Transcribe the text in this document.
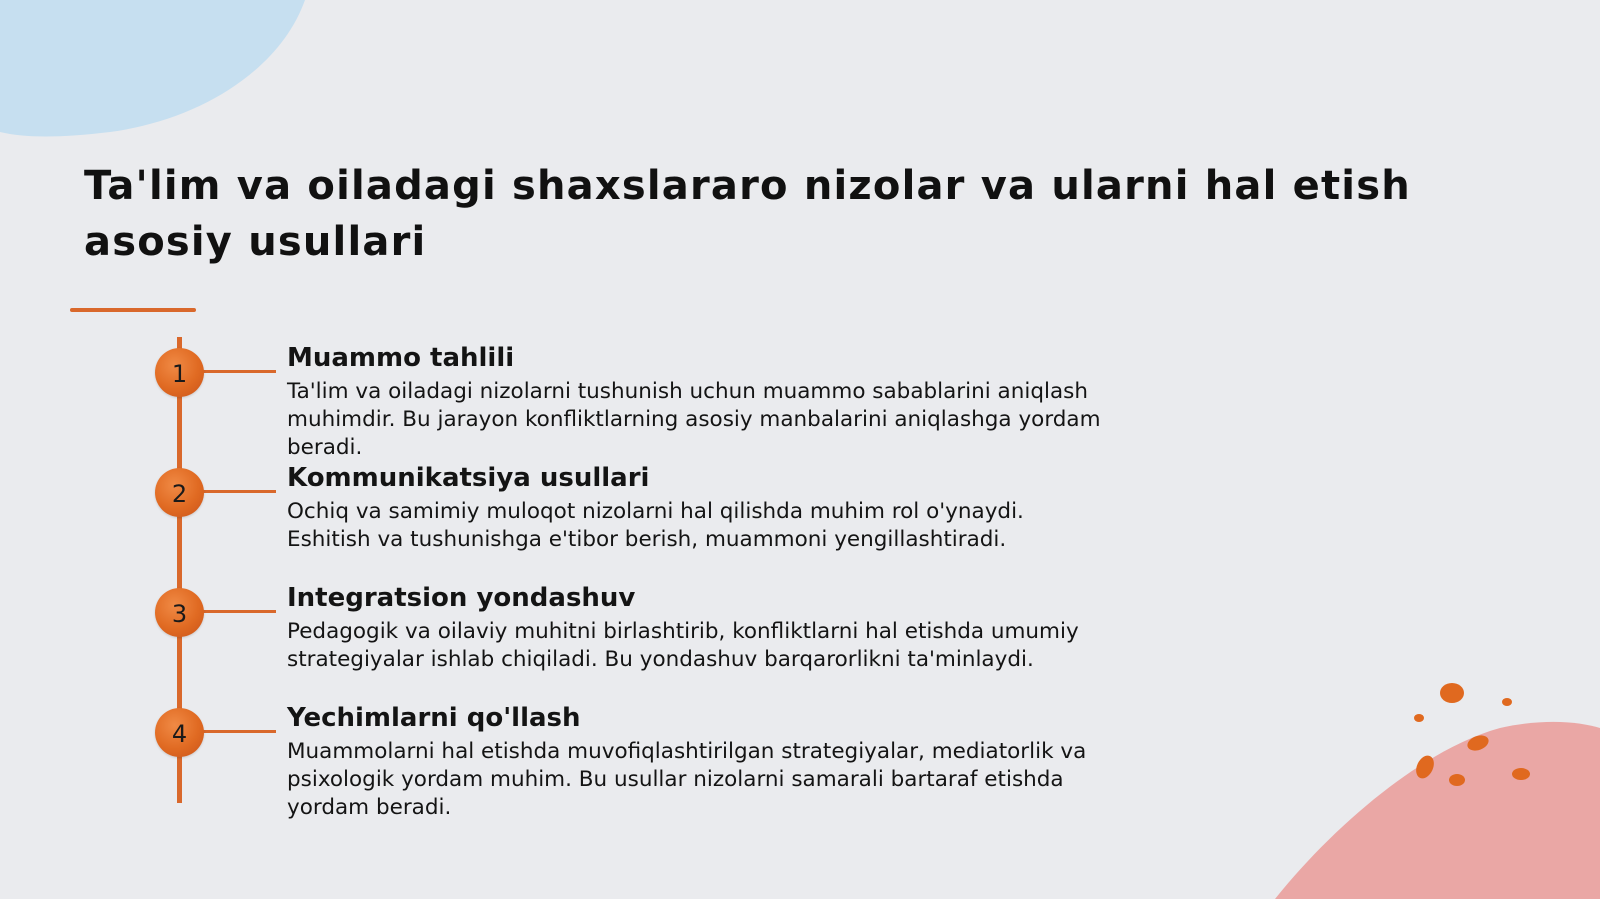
Ta'lim va oiladagi shaxslararo nizolar va ularni hal etish asosiy usullari
1
Muammo tahlili

Ta'lim va oiladagi nizolarni tushunish uchun muammo sabablarini aniqlash muhimdir. Bu jarayon konfliktlarning asosiy manbalarini aniqlashga yordam beradi.

2
Kommunikatsiya usullari

Ochiq va samimiy muloqot nizolarni hal qilishda muhim rol o'ynaydi. Eshitish va tushunishga e'tibor berish, muammoni yengillashtiradi.

3
Integratsion yondashuv

Pedagogik va oilaviy muhitni birlashtirib, konfliktlarni hal etishda umumiy strategiyalar ishlab chiqiladi. Bu yondashuv barqarorlikni ta'minlaydi.

4
Yechimlarni qo'llash

Muammolarni hal etishda muvofiqlashtirilgan strategiyalar, mediatorlik va psixologik yordam muhim. Bu usullar nizolarni samarali bartaraf etishda yordam beradi.
